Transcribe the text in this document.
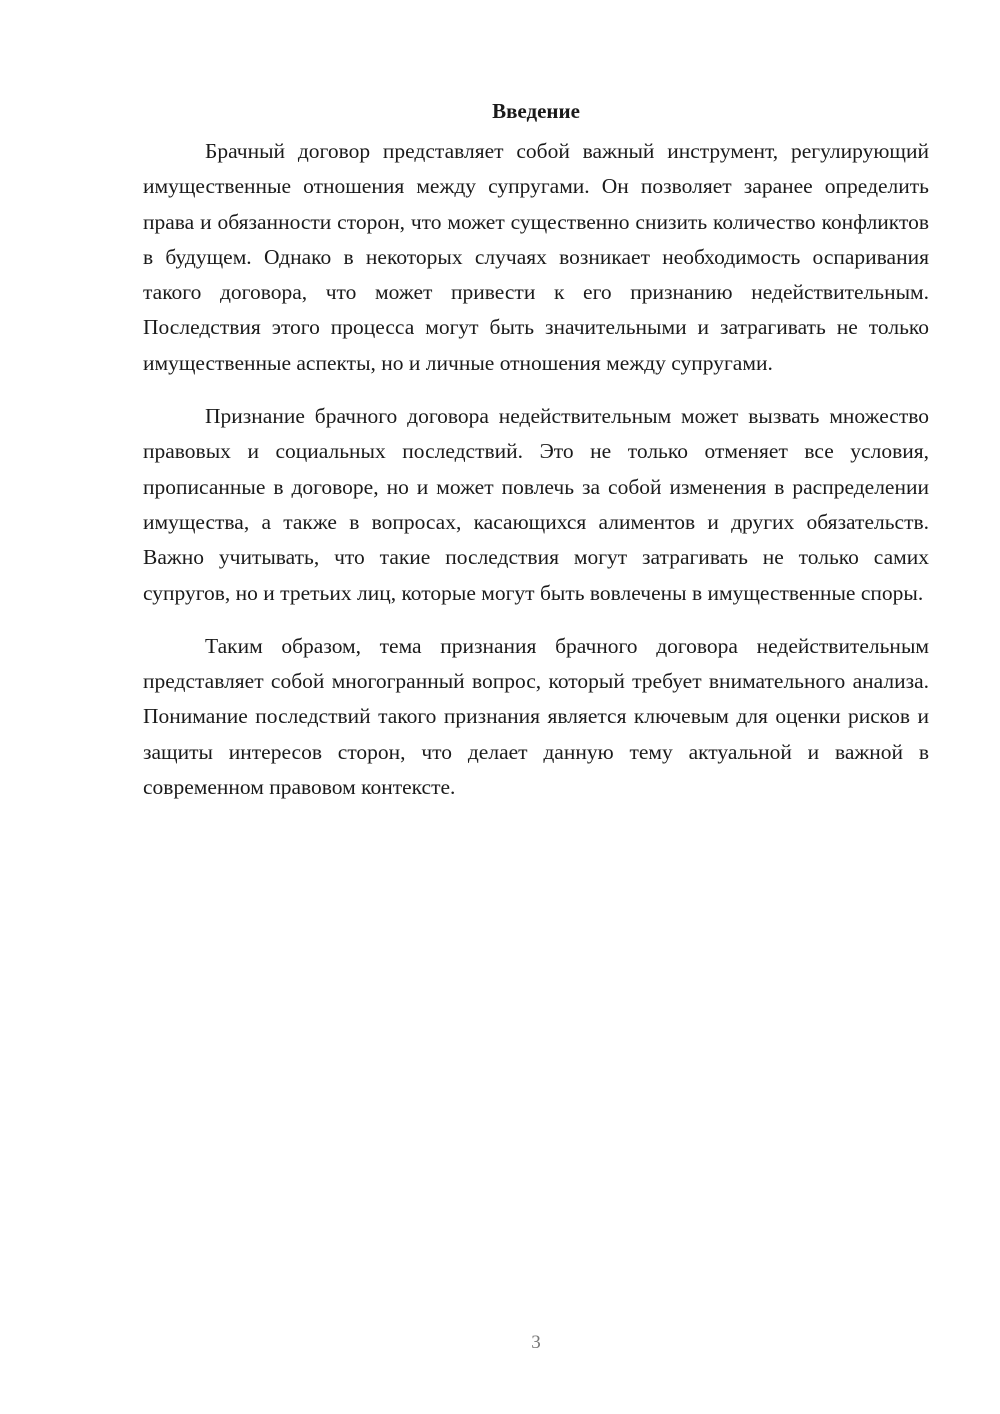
Введение

Брачный договор представляет собой важный инструмент, регулирующий имущественные отношения между супругами. Он позволяет заранее определить права и обязанности сторон, что может существенно снизить количество конфликтов в будущем. Однако в некоторых случаях возникает необходимость оспаривания такого договора, что может привести к его признанию недействительным. Последствия этого процесса могут быть значительными и затрагивать не только имущественные аспекты, но и личные отношения между супругами.

Признание брачного договора недействительным может вызвать множество правовых и социальных последствий. Это не только отменяет все условия, прописанные в договоре, но и может повлечь за собой изменения в распределении имущества, а также в вопросах, касающихся алиментов и других обязательств. Важно учитывать, что такие последствия могут затрагивать не только самих супругов, но и третьих лиц, которые могут быть вовлечены в имущественные споры.

Таким образом, тема признания брачного договора недействительным представляет собой многогранный вопрос, который требует внимательного анализа. Понимание последствий такого признания является ключевым для оценки рисков и защиты интересов сторон, что делает данную тему актуальной и важной в современном правовом контексте.

3
